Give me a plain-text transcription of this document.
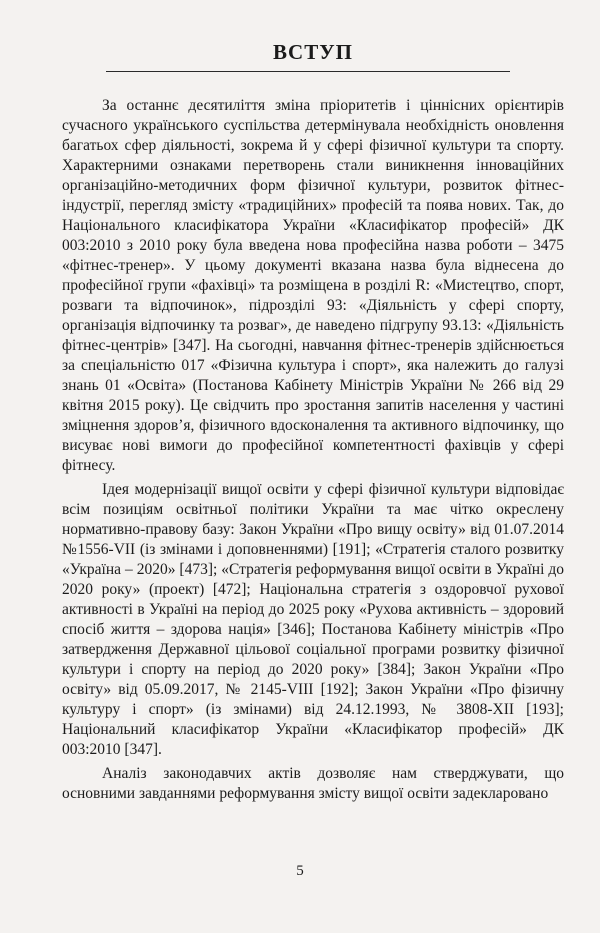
ВСТУП

За останнє десятиліття зміна пріоритетів і ціннісних орієнтирів сучасного українського суспільства детермінувала необхідність оновлення багатьох сфер діяльності, зокрема й у сфері фізичної культури та спорту. Характерними ознаками перетворень стали виникнення інноваційних організаційно-методичних форм фізичної культури, розвиток фітнес-індустрії, перегляд змісту «традиційних» професій та поява нових. Так, до Національного класифікатора України «Класифікатор професій» ДК 003:2010 з 2010 року була введена нова професійна назва роботи – 3475 «фітнес-тренер». У цьому документі вказана назва була віднесена до професійної групи «фахівці» та розміщена в розділі R: «Мистецтво, спорт, розваги та відпочинок», підрозділі 93: «Діяльність у сфері спорту, організація відпочинку та розваг», де наведено підгрупу 93.13: «Діяльність фітнес-центрів» [347]. На сьогодні, навчання фітнес-тренерів здійснюється за спеціальністю 017 «Фізична культура і спорт», яка належить до галузі знань 01 «Освіта» (Постанова Кабінету Міністрів України № 266 від 29 квітня 2015 року). Це свідчить про зростання запитів населення у частині зміцнення здоров’я, фізичного вдосконалення та активного відпочинку, що висуває нові вимоги до професійної компетентності фахівців у сфері фітнесу.

Ідея модернізації вищої освіти у сфері фізичної культури відповідає всім позиціям освітньої політики України та має чітко окреслену нормативно-правову базу: Закон України «Про вищу освіту» від 01.07.2014 №1556-VII (із змінами і доповненнями) [191]; «Стратегія сталого розвитку «Україна – 2020» [473]; «Стратегія реформування вищої освіти в Україні до 2020 року» (проект) [472]; Національна стратегія з оздоровчої рухової активності в Україні на період до 2025 року «Рухова активність – здоровий спосіб життя – здорова нація» [346]; Постанова Кабінету міністрів «Про затвердження Державної цільової соціальної програми розвитку фізичної культури і спорту на період до 2020 року» [384]; Закон України «Про освіту» від 05.09.2017, № 2145-VIII [192]; Закон України «Про фізичну культуру і спорт» (із змінами) від 24.12.1993, № 3808-XII [193]; Національний класифікатор України «Класифікатор професій» ДК 003:2010 [347].

Аналіз законодавчих актів дозволяє нам стверджувати, що основними завданнями реформування змісту вищої освіти задекларовано

5
